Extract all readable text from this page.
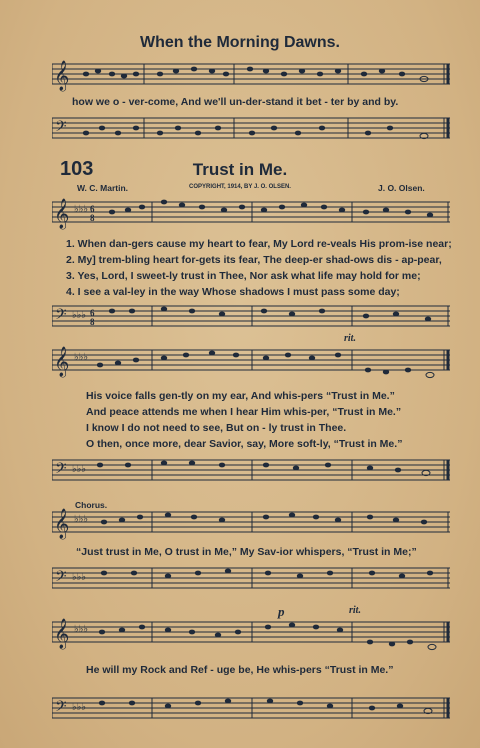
When the Morning Dawns.
𝄞
how we o - ver-come, And we'll un-der-stand it bet - ter by and by.
𝄢
103	Trust in Me.
W. C. Martin.	COPYRIGHT, 1914, BY J. O. OLSEN.	J. O. Olsen.
𝄞 ♭♭♭ 6
8
1. When dan-gers cause my heart to fear, My Lord re-veals His prom-ise near;
2. My] trem-bling heart for-gets its fear, The deep-er shad-ows dis - ap-pear,
3. Yes, Lord, I sweet-ly trust in Thee, Nor ask what life may hold for me;
4. I see a val-ley in the way Whose shadows I must pass some day;
𝄢 ♭♭♭ 6
8
rit.
𝄞 ♭♭♭
His voice falls gen-tly on my ear, And whis-pers “Trust in Me.”
And peace attends me when I hear Him whis-per, “Trust in Me.”
I know I do not need to see, But on - ly trust in Thee.
O then, once more, dear Savior, say, More soft-ly, “Trust in Me.”
𝄢 ♭♭♭
Chorus.
𝄞 ♭♭♭
“Just trust in Me, O trust in Me,” My Sav-ior whispers, “Trust in Me;”
𝄢 ♭♭♭
p	rit.
𝄞 ♭♭♭
He will my Rock and Ref - uge be, He whis-pers “Trust in Me.”
𝄢 ♭♭♭
